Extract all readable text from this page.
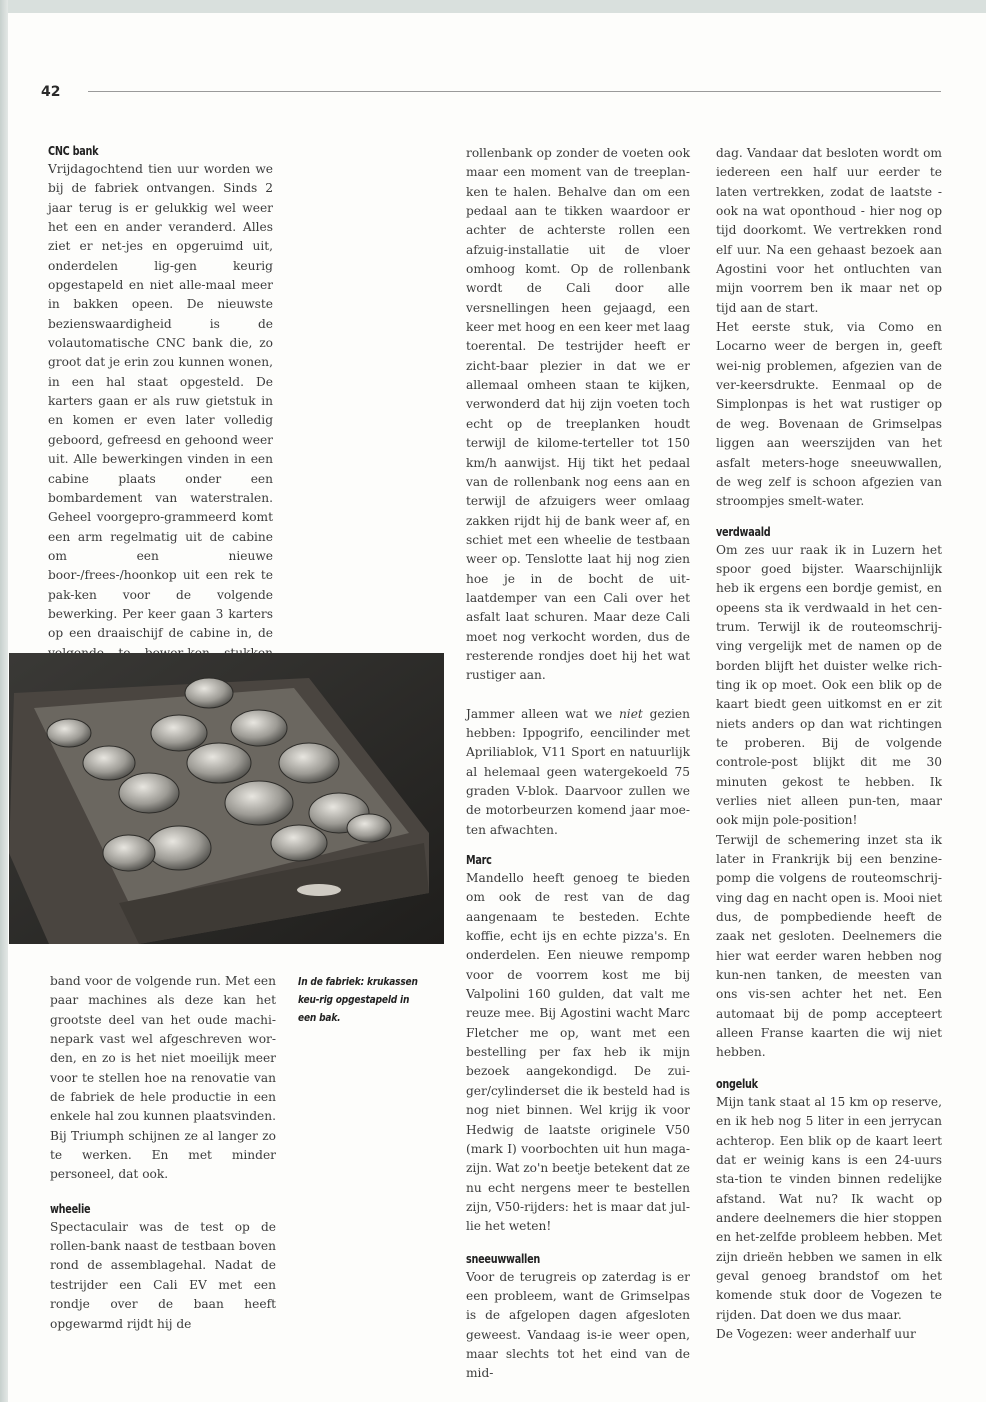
42
CNC bank

Vrijdagochtend tien uur worden we bij de fabriek ontvangen. Sinds 2 jaar terug is er gelukkig wel weer het een en ander veranderd. Alles ziet er net-jes en opgeruimd uit, onderdelen lig-gen keurig opgestapeld en niet alle-maal meer in bakken opeen. De nieuwste bezienswaardigheid is de volautomatische CNC bank die, zo groot dat je erin zou kunnen wonen, in een hal staat opgesteld. De karters gaan er als ruw gietstuk in en komen er even later volledig geboord, gefreesd en gehoond weer uit. Alle bewerkingen vinden in een cabine plaats onder een bombardement van waterstralen. Geheel voorgepro-grammeerd komt een arm regelmatig uit de cabine om een nieuwe boor-/frees-/hoonkop uit een rek te pak-ken voor de volgende bewerking. Per keer gaan 3 karters op een draaischijf de cabine in, de

In de fabriek: krukassen keu-rig opgestapeld in een bak.

band voor de volgende run. Met een paar machines als deze kan het grootste deel van het oude machi-nepark vast wel afgeschreven wor-den, en zo is het niet moeilijk meer voor te stellen hoe na renovatie van de fabriek de hele productie in een enkele hal zou kunnen plaatsvinden. Bij Triumph schijnen ze al langer zo te werken. En met minder personeel, dat ook.

wheelie

Spectaculair was de test op de rollen-bank naast de testbaan boven rond de assemblagehal. Nadat de testrijder een Cali EV met een rondje over de baan heeft opgewarmd rijdt hij de

rollenbank op zonder de voeten ook maar een moment van de treeplan-ken te halen. Behalve dan om een pedaal aan te tikken waardoor er achter de achterste rollen een afzuig-installatie uit de vloer omhoog komt. Op de rollenbank wordt de Cali door alle versnellingen heen gejaagd, een keer met hoog en een keer met laag toerental. De testrijder heeft er zicht-baar plezier in dat we er allemaal omheen staan te kijken, verwonderd dat hij zijn voeten toch echt op de treeplanken houdt terwijl de kilome-terteller tot 150 km/h aanwijst. Hij tikt het pedaal van de rollenbank nog eens aan en terwijl de afzuigers weer omlaag zakken rijdt hij de bank weer af, en schiet met een wheelie de testbaan weer op. Tenslotte laat hij nog zien hoe je in de bocht de uit-laatdemper van een Cali over het asfalt laat schuren. Maar deze Cali moet nog verkocht worden, dus de resterende rondjes doet hij het wat rustiger aan.

Jammer alleen wat we niet gezien hebben: Ippogrifo, eencilinder met Apriliablok, V11 Sport en natuurlijk al helemaal geen watergekoeld 75 graden V-blok. Daarvoor zullen we de motorbeurzen komend jaar moe-ten afwachten.

Marc

Mandello heeft genoeg te bieden om ook de rest van de dag aangenaam te besteden. Echte koffie, echt ijs en echte pizza's. En onderdelen. Een nieuwe rempomp voor de voorrem kost me bij Valpolini 160 gulden, dat valt me reuze mee. Bij Agostini wacht Marc Fletcher me op, want met een bestelling per fax heb ik mijn bezoek aangekondigd. De zui-ger/cylinderset die ik besteld had is nog niet binnen. Wel krijg ik voor Hedwig de laatste originele V50 (mark I) voorbochten uit hun maga-zijn. Wat zo'n beetje betekent dat ze nu echt nergens meer te bestellen zijn, V50-rijders: het is maar dat jul-lie het weten!

sneeuwwallen

Voor de terugreis op zaterdag is er een probleem, want de Grimselpas is de afgelopen dagen afgesloten geweest. Vandaag is-ie weer open, maar slechts tot het eind van de mid-

dag. Vandaar dat besloten wordt om iedereen een half uur eerder te laten vertrekken, zodat de laatste - ook na wat oponthoud - hier nog op tijd doorkomt. We vertrekken rond elf uur. Na een gehaast bezoek aan Agostini voor het ontluchten van mijn voorrem ben ik maar net op tijd aan de start.

Het eerste stuk, via Como en Locarno weer de bergen in, geeft wei-nig problemen, afgezien van de ver-keersdrukte. Eenmaal op de Simplonpas is het wat rustiger op de weg. Bovenaan de Grimselpas liggen aan weerszijden van het asfalt meters-hoge sneeuwwallen, de weg zelf is schoon afgezien van stroompjes smelt-water.

verdwaald

Om zes uur raak ik in Luzern het spoor goed bijster. Waarschijnlijk heb ik ergens een bordje gemist, en opeens sta ik verdwaald in het cen-trum. Terwijl ik de routeomschrij-ving vergelijk met de namen op de borden blijft het duister welke rich-ting ik op moet. Ook een blik op de kaart biedt geen uitkomst en er zit niets anders op dan wat richtingen te proberen. Bij de volgende controle-post blijkt dit me 30 minuten gekost te hebben. Ik verlies niet alleen pun-ten, maar ook mijn pole-position!

Terwijl de schemering inzet sta ik later in Frankrijk bij een benzine-pomp die volgens de routeomschrij-ving dag en nacht open is. Mooi niet dus, de pompbediende heeft de zaak net gesloten. Deelnemers die hier wat eerder waren hebben nog kun-nen tanken, de meesten van ons vis-sen achter het net. Een automaat bij de pomp accepteert alleen Franse kaarten die wij niet hebben.

ongeluk

Mijn tank staat al 15 km op reserve, en ik heb nog 5 liter in een jerrycan achterop. Een blik op de kaart leert dat er weinig kans is een 24-uurs sta-tion te vinden binnen redelijke afstand. Wat nu? Ik wacht op andere deelnemers die hier stoppen en het-zelfde probleem hebben. Met zijn drieën hebben we samen in elk geval genoeg brandstof om het komende stuk door de Vogezen te rijden. Dat doen we dus maar.

De Vogezen: weer anderhalf uur
